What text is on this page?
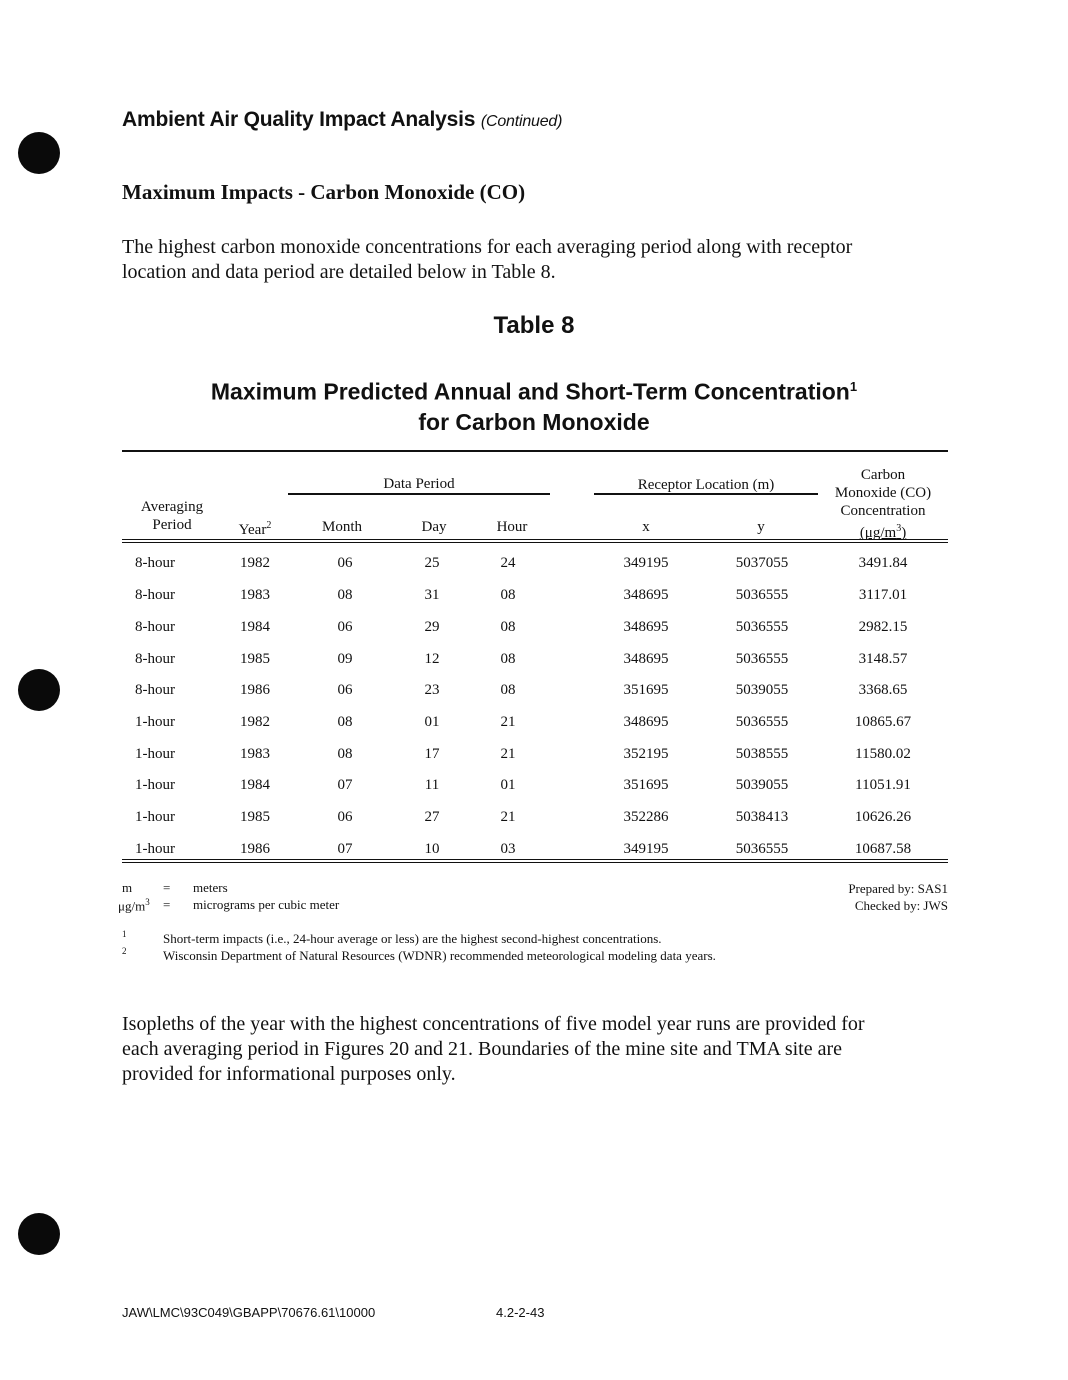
Ambient Air Quality Impact Analysis (Continued)
Maximum Impacts - Carbon Monoxide (CO)
The highest carbon monoxide concentrations for each averaging period along with receptor
location and data period are detailed below in Table 8.
Table 8
Maximum Predicted Annual and Short-Term Concentration$^1$
for Carbon Monoxide
Averaging
Period	Year$^2$
Data Period
Month	Day	Hour
Receptor Location (m)
x	y
Carbon
Monoxide (CO)
Concentration
$(\mu g/m^3)$
8-hour	1982	06	25	24	349195	5037055	3491.84
8-hour	1983	08	31	08	348695	5036555	3117.01
8-hour	1984	06	29	08	348695	5036555	2982.15
8-hour	1985	09	12	08	348695	5036555	3148.57
8-hour	1986	06	23	08	351695	5039055	3368.65
1-hour	1982	08	01	21	348695	5036555	10865.67
1-hour	1983	08	17	21	352195	5038555	11580.02
1-hour	1984	07	11	01	351695	5039055	11051.91
1-hour	1985	06	27	21	352286	5038413	10626.26
1-hour	1986	07	10	03	349195	5036555	10687.58
m = meters
$\mu g/m^3$ = micrograms per cubic meter
Prepared by: SAS1
Checked by: JWS
1	Short-term impacts (i.e., 24-hour average or less) are the highest second-highest concentrations.
2	Wisconsin Department of Natural Resources (WDNR) recommended meteorological modeling data years.
Isopleths of the year with the highest concentrations of five model year runs are provided for
each averaging period in Figures 20 and 21. Boundaries of the mine site and TMA site are
provided for informational purposes only.
JAW\LMC\93C049\GBAPP\70676.61\10000	4.2-2-43
